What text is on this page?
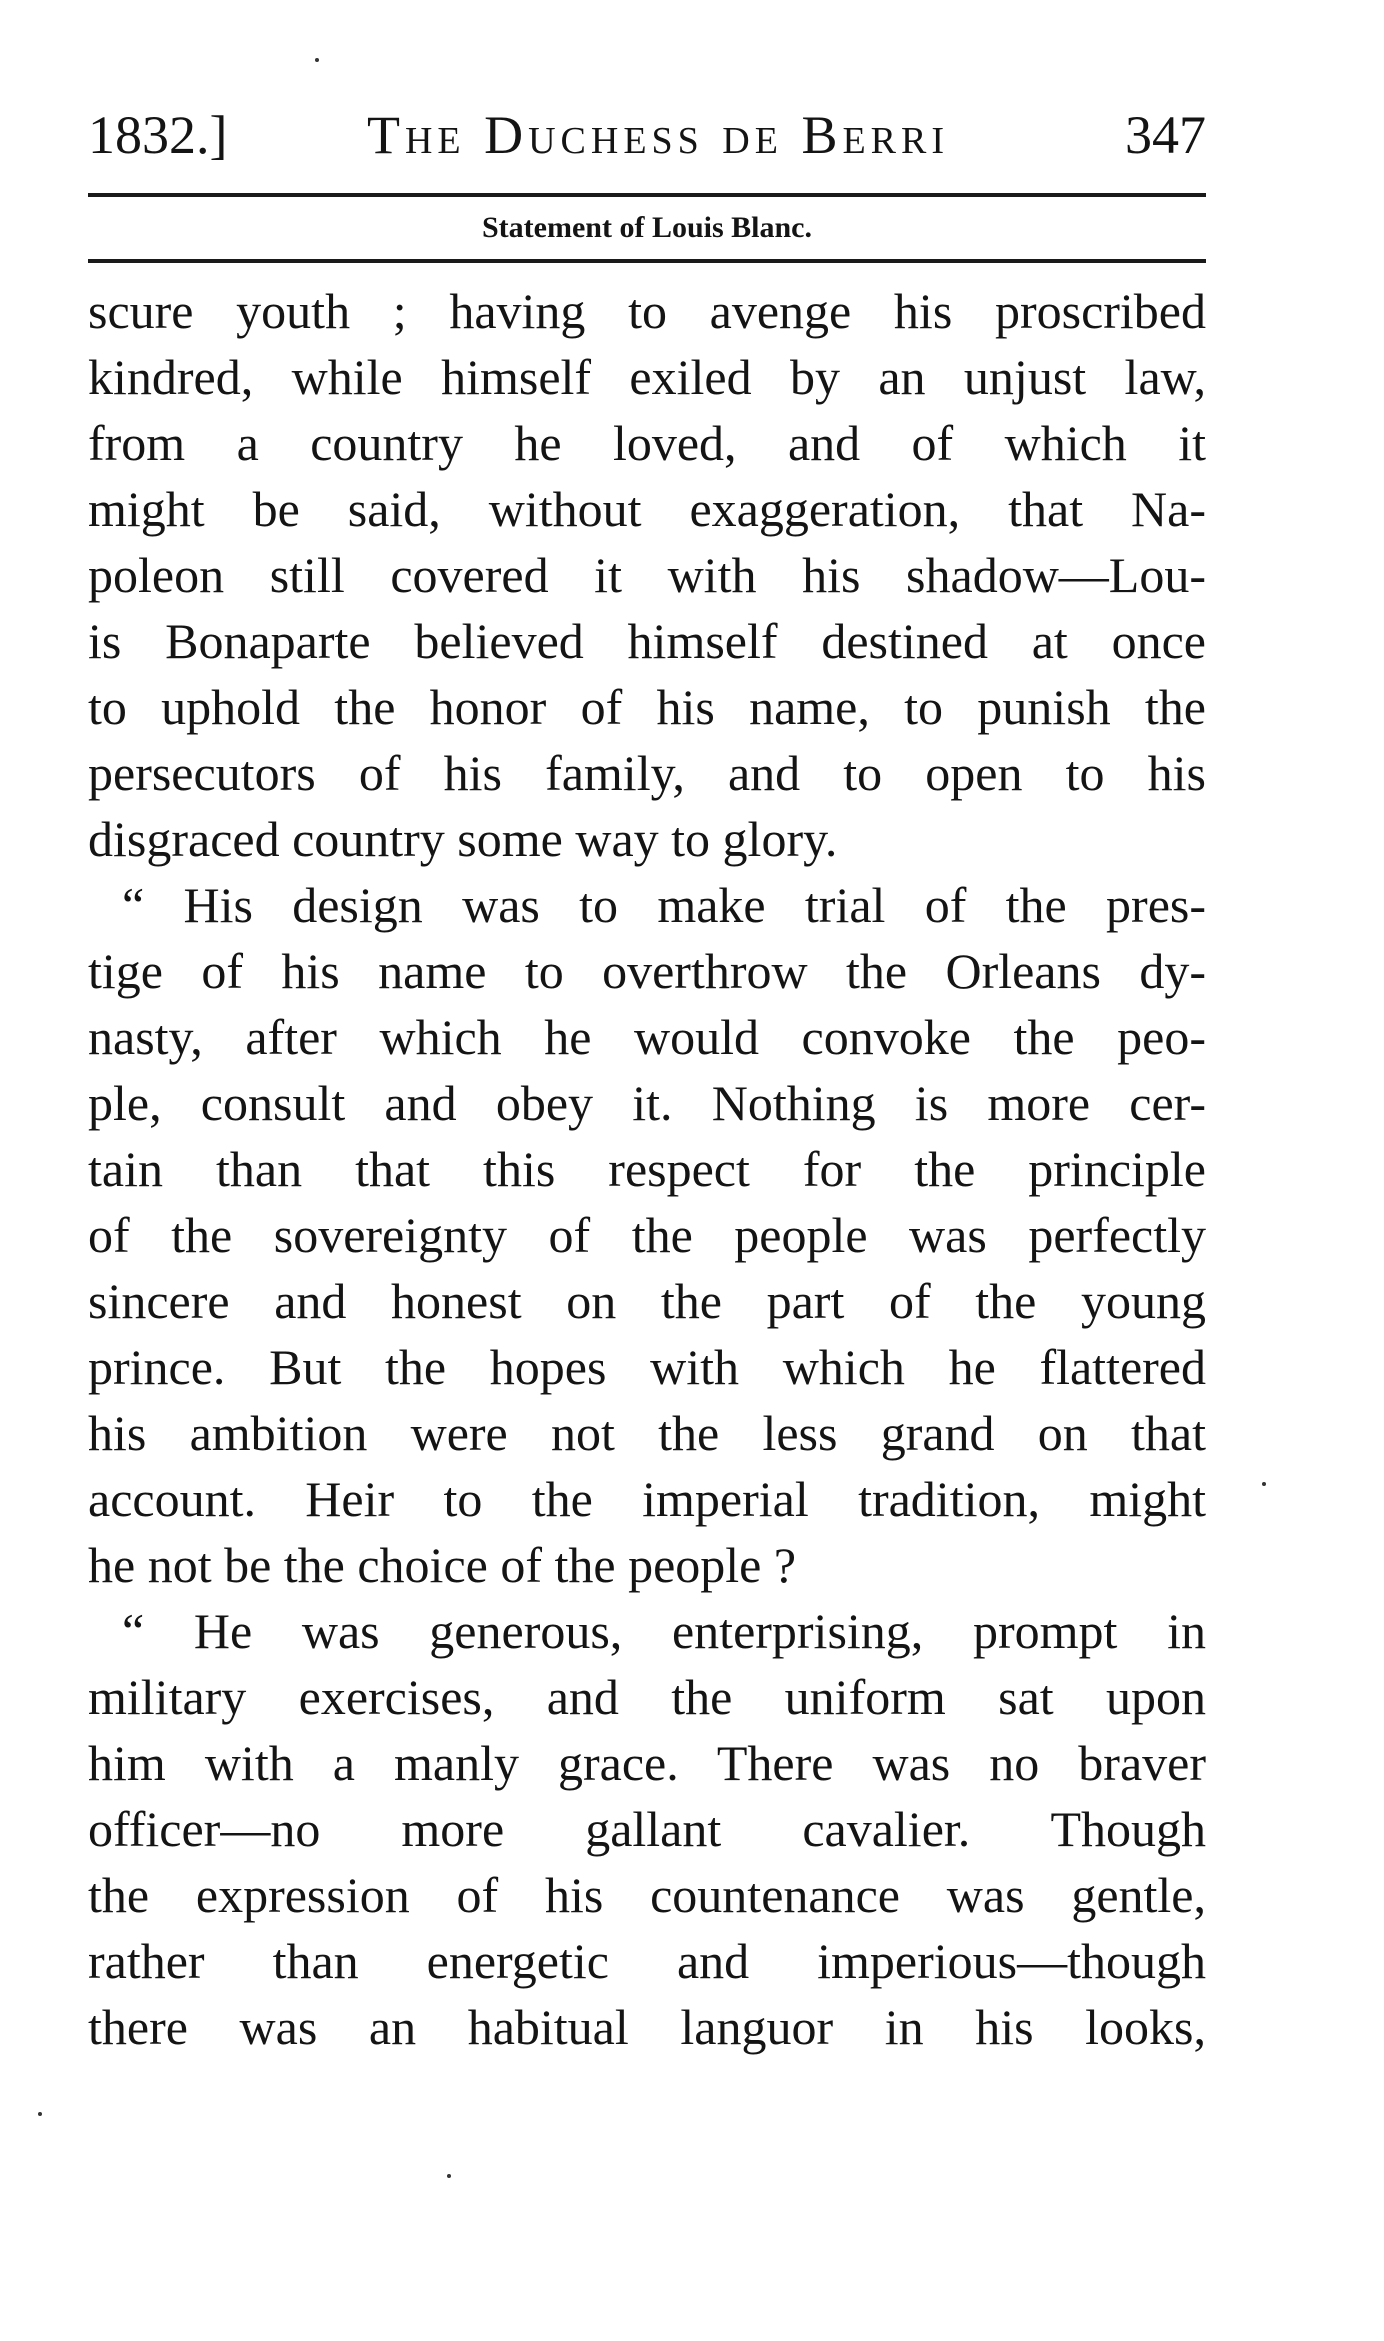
1832.]	The Duchess de Berri	347
Statement of Louis Blanc.
scure youth ; having to avenge his proscribed
kindred, while himself exiled by an unjust law,
from a country he loved, and of which it
might be said, without exaggeration, that Na-
poleon still covered it with his shadow—Lou-
is Bonaparte believed himself destined at once
to uphold the honor of his name, to punish the
persecutors of his family, and to open to his
disgraced country some way to glory.
“ His design was to make trial of the pres-
tige of his name to overthrow the Orleans dy-
nasty, after which he would convoke the peo-
ple, consult and obey it. Nothing is more cer-
tain than that this respect for the principle
of the sovereignty of the people was perfectly
sincere and honest on the part of the young
prince. But the hopes with which he flattered
his ambition were not the less grand on that
account. Heir to the imperial tradition, might
he not be the choice of the people ?
“ He was generous, enterprising, prompt in
military exercises, and the uniform sat upon
him with a manly grace. There was no braver
officer—no more gallant cavalier. Though
the expression of his countenance was gentle,
rather than energetic and imperious—though
there was an habitual languor in his looks,
